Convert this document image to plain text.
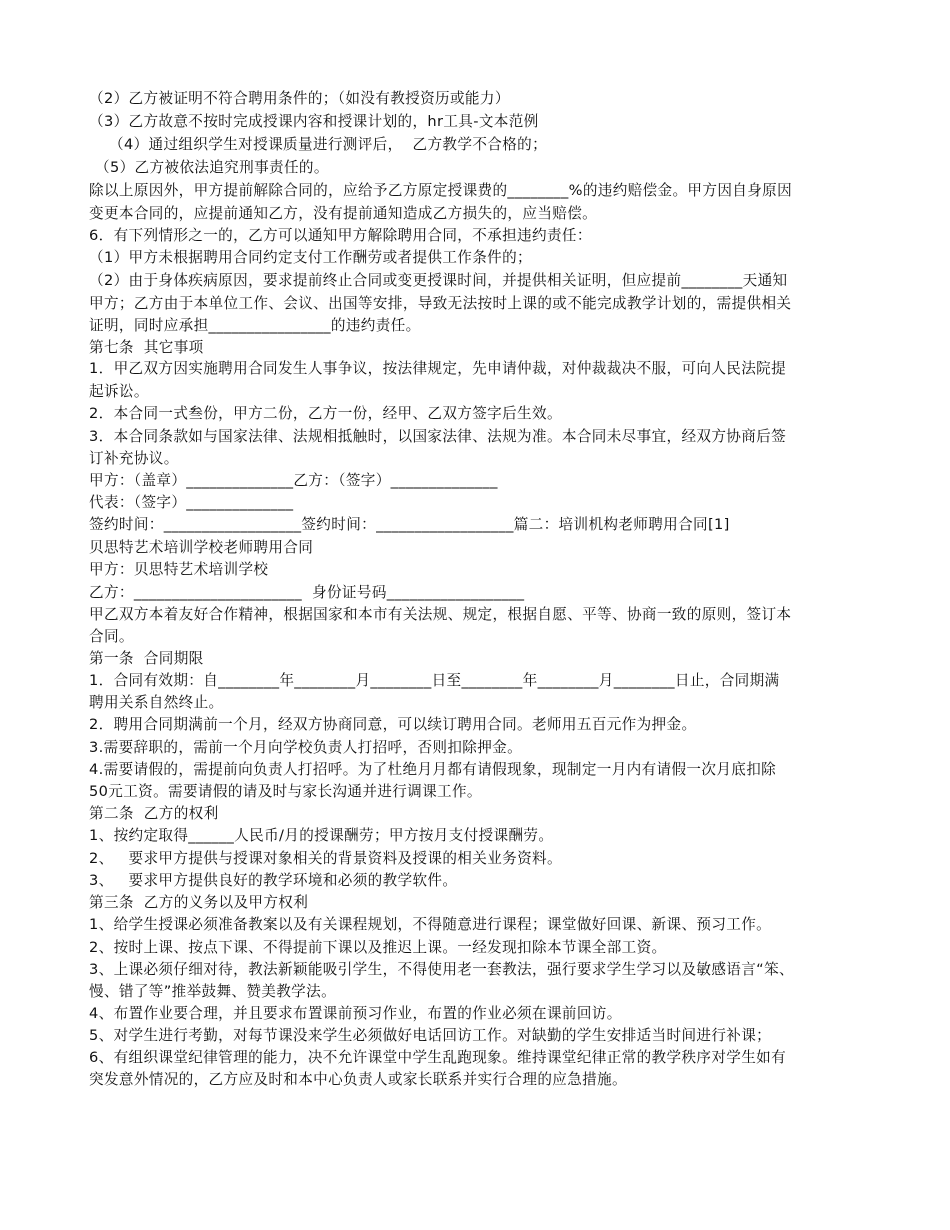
（2）乙方被证明不符合聘用条件的；（如没有教授资历或能力）
（3）乙方故意不按时完成授课内容和授课计划的，hr工具-文本范例
（4）通过组织学生对授课质量进行测评后，  乙方教学不合格的；
（5）乙方被依法追究刑事责任的。
除以上原因外，甲方提前解除合同的，应给予乙方原定授课费的________%的违约赔偿金。甲方因自身原因
变更本合同的，应提前通知乙方，没有提前通知造成乙方损失的，应当赔偿。
6．有下列情形之一的，乙方可以通知甲方解除聘用合同，不承担违约责任：
（1）甲方未根据聘用合同约定支付工作酬劳或者提供工作条件的；
（2）由于身体疾病原因，要求提前终止合同或变更授课时间，并提供相关证明，但应提前________天通知
甲方；乙方由于本单位工作、会议、出国等安排，导致无法按时上课的或不能完成教学计划的，需提供相关
证明，同时应承担________________的违约责任。
第七条  其它事项
1．甲乙双方因实施聘用合同发生人事争议，按法律规定，先申请仲裁，对仲裁裁决不服，可向人民法院提
起诉讼。
2．本合同一式叁份，甲方二份，乙方一份，经甲、乙双方签字后生效。
3．本合同条款如与国家法律、法规相抵触时，以国家法律、法规为准。本合同未尽事宜，经双方协商后签
订补充协议。
甲方：（盖章）______________乙方：（签字）______________
代表：（签字）______________
签约时间：__________________签约时间：__________________篇二：培训机构老师聘用合同[1]
贝思特艺术培训学校老师聘用合同
甲方：贝思特艺术培训学校
乙方：______________________  身份证号码__________________
甲乙双方本着友好合作精神，根据国家和本市有关法规、规定，根据自愿、平等、协商一致的原则，签订本
合同。
第一条  合同期限
1．合同有效期：自________年________月________日至________年________月________日止，合同期满
聘用关系自然终止。
2．聘用合同期满前一个月，经双方协商同意，可以续订聘用合同。老师用五百元作为押金。
3.需要辞职的，需前一个月向学校负责人打招呼，否则扣除押金。
4.需要请假的，需提前向负责人打招呼。为了杜绝月月都有请假现象，现制定一月内有请假一次月底扣除
50元工资。需要请假的请及时与家长沟通并进行调课工作。
第二条  乙方的权利
1、按约定取得______人民币/月的授课酬劳；甲方按月支付授课酬劳。
2、   要求甲方提供与授课对象相关的背景资料及授课的相关业务资料。
3、   要求甲方提供良好的教学环境和必须的教学软件。
第三条  乙方的义务以及甲方权利
1、给学生授课必须准备教案以及有关课程规划，不得随意进行课程；课堂做好回课、新课、预习工作。
2、按时上课、按点下课、不得提前下课以及推迟上课。一经发现扣除本节课全部工资。
3、上课必须仔细对待，教法新颖能吸引学生，不得使用老一套教法，强行要求学生学习以及敏感语言“笨、
慢、错了等”推举鼓舞、赞美教学法。
4、布置作业要合理，并且要求布置课前预习作业，布置的作业必须在课前回访。
5、对学生进行考勤，对每节课没来学生必须做好电话回访工作。对缺勤的学生安排适当时间进行补课；
6、有组织课堂纪律管理的能力，决不允许课堂中学生乱跑现象。维持课堂纪律正常的教学秩序对学生如有
突发意外情况的，乙方应及时和本中心负责人或家长联系并实行合理的应急措施。
